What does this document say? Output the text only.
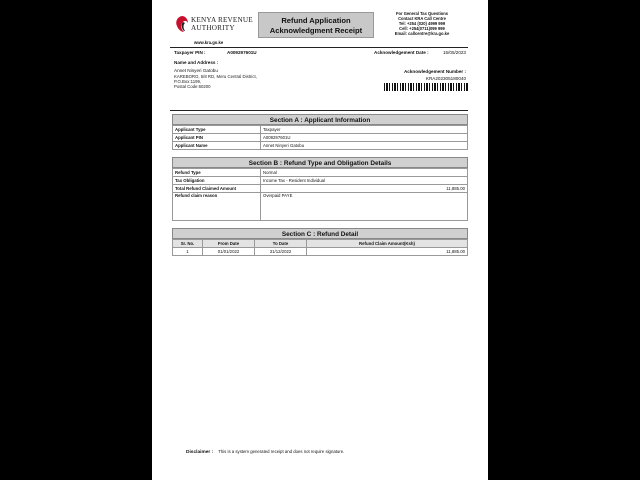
KENYA REVENUE
AUTHORITY
Refund Application
Acknowledgment Receipt
For General Tax Questions
Contact KRA Call Centre
Tel: +254 (020) 4999 999
Cell: +254(0711)099 999
Email: callcentre@kra.go.ke
www.kra.go.ke
Taxpayer PIN :	A009297601U	Acknowledgement Date :	15/05/2023
Name and Address :
Annet Ninyeri Gatobu
KAREBORO, 5/8 RD, Meru Central District,
P.O.Box:1199,
Postal Code:60200
Acknowledgement Number :
KRA202305180040
Section A : Applicant Information
Applicant Type	Taxpayer
Applicant PIN	A009297601U
Applicant Name	Annet Ninyeri Gatobu
Section B : Refund Type and Obligation Details
Refund Type	Normal
Tax Obligation	Income Tax - Resident Individual
Total Refund Claimed Amount	11,885.00
Refund claim reason	Overpaid PAYE
Section C : Refund Detail
Sr. No.	From Date	To Date	Refund Claim Amount(Ksh)
1	01/01/2022	31/12/2022	11,885.00
Disclaimer : This is a system generated receipt and does not require signature.
